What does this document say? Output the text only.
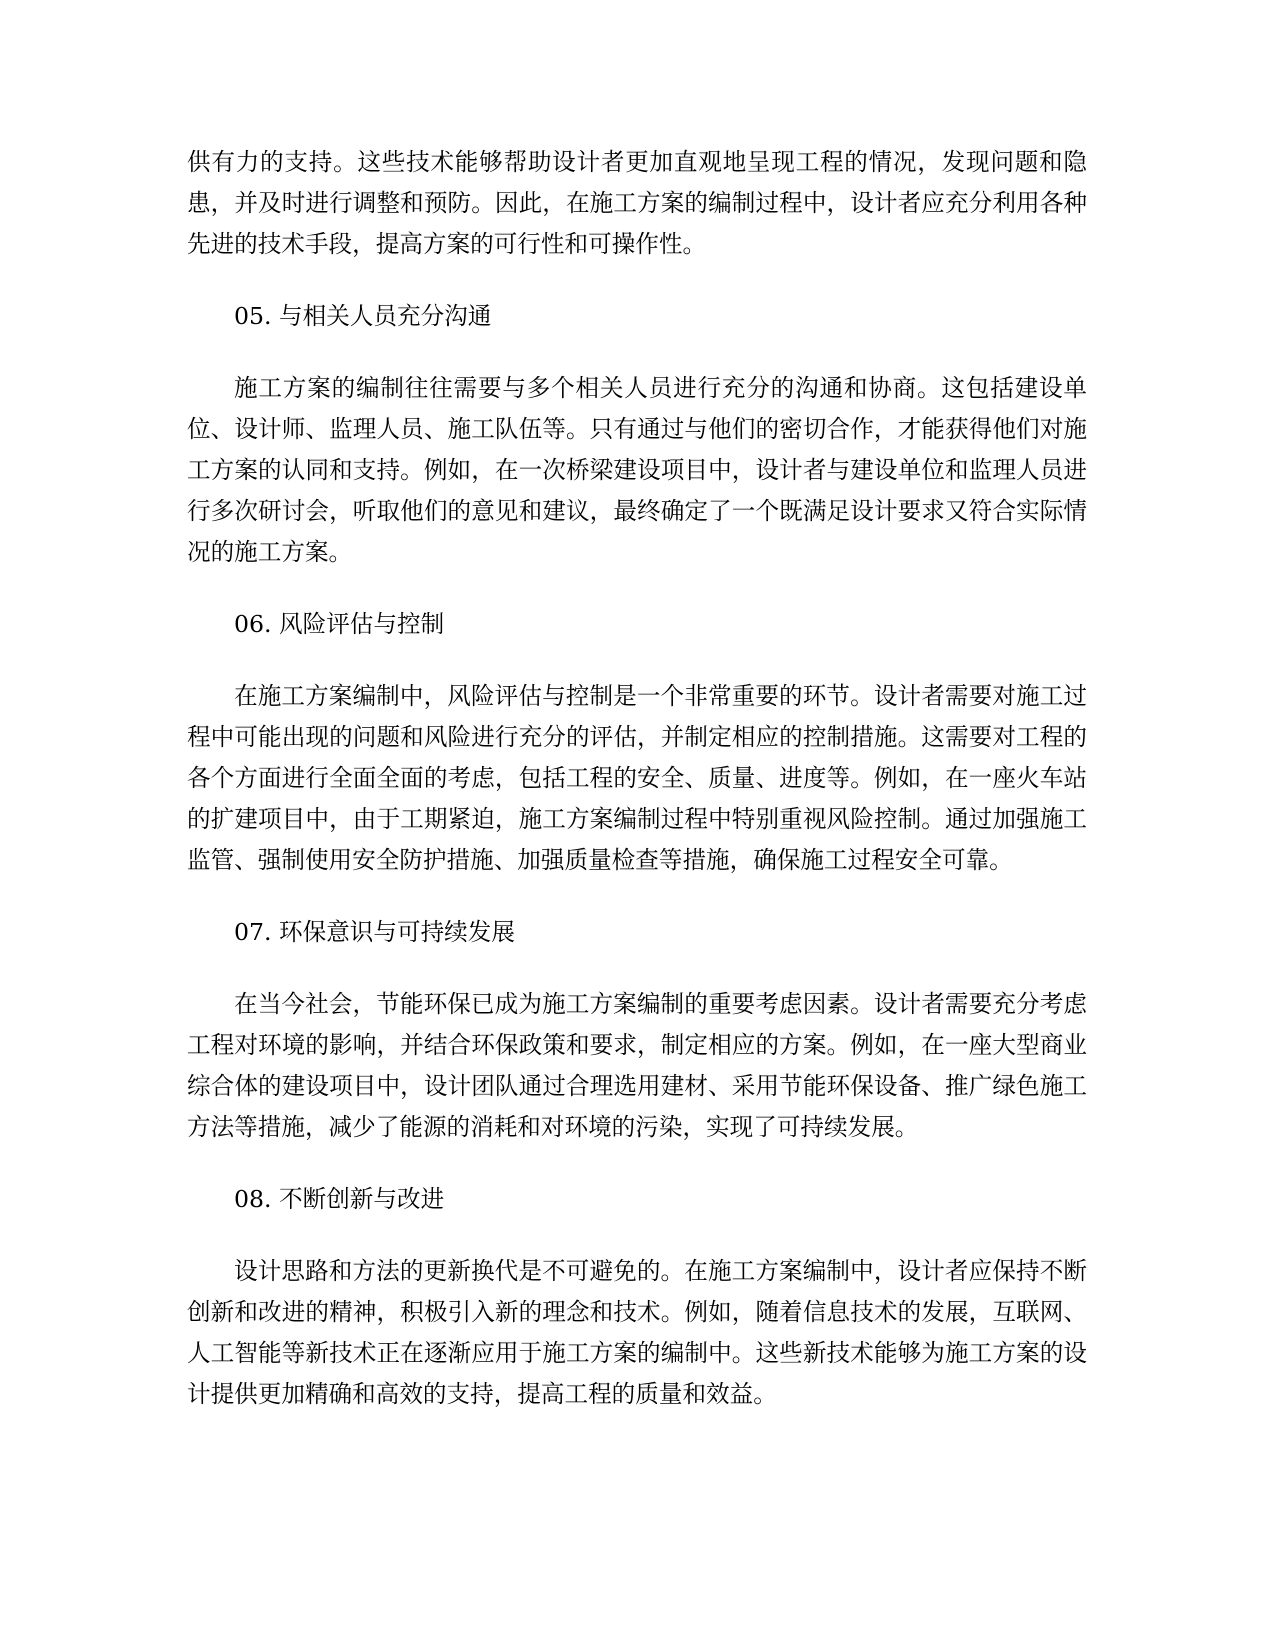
供有力的支持。这些技术能够帮助设计者更加直观地呈现工程的情况，发现问题和隐患，并及时进行调整和预防。因此，在施工方案的编制过程中，设计者应充分利用各种先进的技术手段，提高方案的可行性和可操作性。

05. 与相关人员充分沟通

施工方案的编制往往需要与多个相关人员进行充分的沟通和协商。这包括建设单位、设计师、监理人员、施工队伍等。只有通过与他们的密切合作，才能获得他们对施工方案的认同和支持。例如，在一次桥梁建设项目中，设计者与建设单位和监理人员进行多次研讨会，听取他们的意见和建议，最终确定了一个既满足设计要求又符合实际情况的施工方案。

06. 风险评估与控制

在施工方案编制中，风险评估与控制是一个非常重要的环节。设计者需要对施工过程中可能出现的问题和风险进行充分的评估，并制定相应的控制措施。这需要对工程的各个方面进行全面全面的考虑，包括工程的安全、质量、进度等。例如，在一座火车站的扩建项目中，由于工期紧迫，施工方案编制过程中特别重视风险控制。通过加强施工监管、强制使用安全防护措施、加强质量检查等措施，确保施工过程安全可靠。

07. 环保意识与可持续发展

在当今社会，节能环保已成为施工方案编制的重要考虑因素。设计者需要充分考虑工程对环境的影响，并结合环保政策和要求，制定相应的方案。例如，在一座大型商业综合体的建设项目中，设计团队通过合理选用建材、采用节能环保设备、推广绿色施工方法等措施，减少了能源的消耗和对环境的污染，实现了可持续发展。

08. 不断创新与改进

设计思路和方法的更新换代是不可避免的。在施工方案编制中，设计者应保持不断创新和改进的精神，积极引入新的理念和技术。例如，随着信息技术的发展，互联网、人工智能等新技术正在逐渐应用于施工方案的编制中。这些新技术能够为施工方案的设计提供更加精确和高效的支持，提高工程的质量和效益。
